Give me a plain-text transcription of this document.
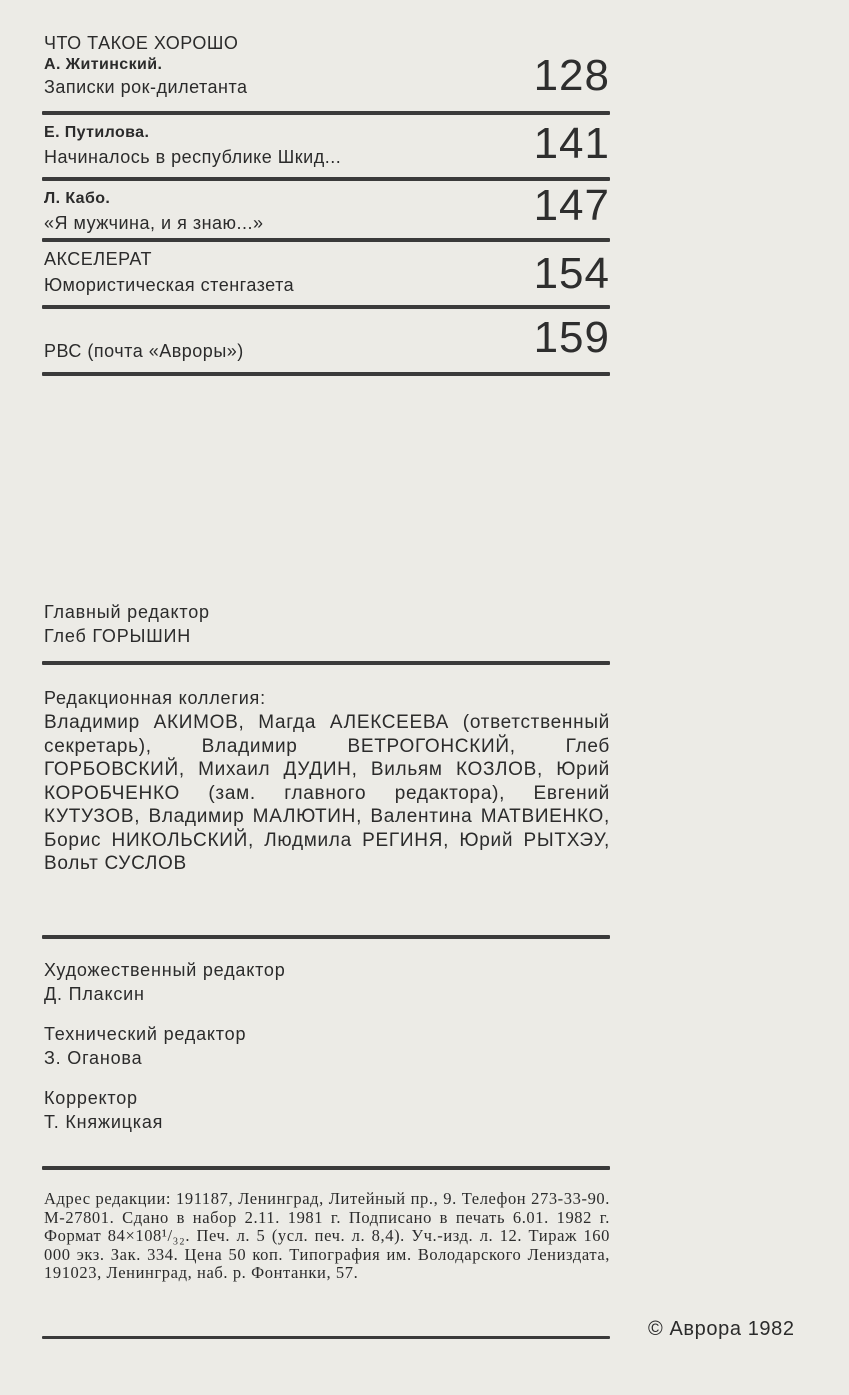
ЧТО ТАКОЕ ХОРОШО
А. Житинский.
Записки рок-дилетанта	128
Е. Путилова.
Начиналось в республике Шкид...	141
Л. Кабо.
«Я мужчина, и я знаю...»	147
АКСЕЛЕРАТ
Юмористическая стенгазета	154
РВС (почта «Авроры»)	159
Главный редактор
Глеб ГОРЫШИН
Редакционная коллегия:
Владимир АКИМОВ, Магда АЛЕКСЕЕВА (ответственный секретарь), Владимир ВЕТРОГОНСКИЙ, Глеб ГОРБОВСКИЙ, Михаил ДУДИН, Вильям КОЗЛОВ, Юрий КОРОБЧЕНКО (зам. главного редактора), Евгений КУТУЗОВ, Владимир МАЛЮТИН, Валентина МАТВИЕНКО, Борис НИКОЛЬСКИЙ, Людмила РЕГИНЯ, Юрий РЫТХЭУ, Вольт СУСЛОВ
Художественный редактор
Д. Плаксин
Технический редактор
З. Оганова
Корректор
Т. Княжицкая
Адрес редакции: 191187, Ленинград, Литейный пр., 9. Телефон 273-33-90. М-27801. Сдано в набор 2.11. 1981 г. Подписано в печать 6.01. 1982 г. Формат 84×108¹/₃₂. Печ. л. 5 (усл. печ. л. 8,4). Уч.-изд. л. 12. Тираж 160 000 экз. Зак. 334. Цена 50 коп. Типография им. Володарского Лениздата, 191023, Ленинград, наб. р. Фонтанки, 57.
© Аврора 1982
